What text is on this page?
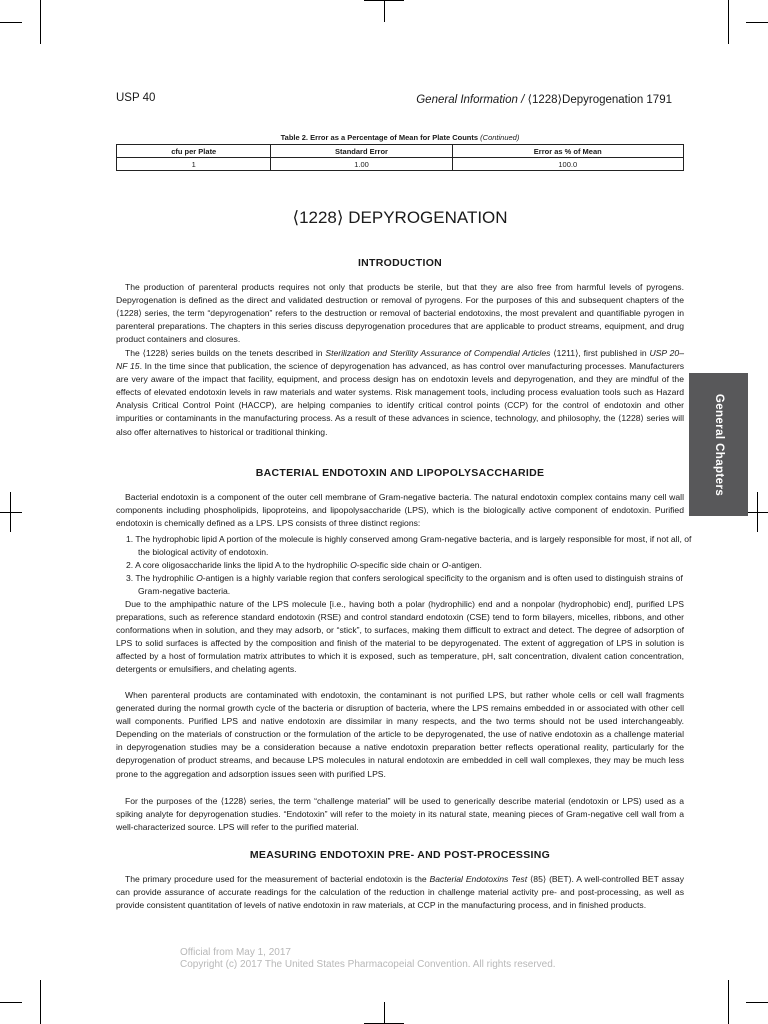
USP 40	General Information / ⟨1228⟩Depyrogenation 1791
Table 2. Error as a Percentage of Mean for Plate Counts (Continued)
cfu per Plate	Standard Error	Error as % of Mean
1	1.00	100.0
⟨1228⟩ DEPYROGENATION
INTRODUCTION
The production of parenteral products requires not only that products be sterile, but that they are also free from harmful levels of pyrogens. Depyrogenation is defined as the direct and validated destruction or removal of pyrogens. For the purposes of this and subsequent chapters of the ⟨1228⟩ series, the term “depyrogenation” refers to the destruction or removal of bacterial endotoxins, the most prevalent and quantifiable pyrogen in parenteral preparations. The chapters in this series discuss depyrogenation procedures that are applicable to product streams, equipment, and drug product containers and closures.
The ⟨1228⟩ series builds on the tenets described in Sterilization and Sterility Assurance of Compendial Articles ⟨1211⟩, first published in USP 20–NF 15. In the time since that publication, the science of depyrogenation has advanced, as has control over manufacturing processes. Manufacturers are very aware of the impact that facility, equipment, and process design has on endotoxin levels and depyrogenation, and they are mindful of the effects of elevated endotoxin levels in raw materials and water systems. Risk management tools, including process evaluation tools such as Hazard Analysis Critical Control Point (HACCP), are helping companies to identify critical control points (CCP) for the control of endotoxin and other impurities or contaminants in the manufacturing process. As a result of these advances in science, technology, and philosophy, the ⟨1228⟩ series will also offer alternatives to historical or traditional thinking.
BACTERIAL ENDOTOXIN AND LIPOPOLYSACCHARIDE
Bacterial endotoxin is a component of the outer cell membrane of Gram-negative bacteria. The natural endotoxin complex contains many cell wall components including phospholipids, lipoproteins, and lipopolysaccharide (LPS), which is the biologically active component of endotoxin. Purified endotoxin is chemically defined as a LPS. LPS consists of three distinct regions:
1. The hydrophobic lipid A portion of the molecule is highly conserved among Gram-negative bacteria, and is largely responsible for most, if not all, of the biological activity of endotoxin.
2. A core oligosaccharide links the lipid A to the hydrophilic O-specific side chain or O-antigen.
3. The hydrophilic O-antigen is a highly variable region that confers serological specificity to the organism and is often used to distinguish strains of Gram-negative bacteria.
Due to the amphipathic nature of the LPS molecule [i.e., having both a polar (hydrophilic) end and a nonpolar (hydrophobic) end], purified LPS preparations, such as reference standard endotoxin (RSE) and control standard endotoxin (CSE) tend to form bilayers, micelles, ribbons, and other conformations when in solution, and they may adsorb, or “stick”, to surfaces, making them difficult to extract and detect. The degree of adsorption of LPS to solid surfaces is affected by the composition and finish of the material to be depyrogenated. The extent of aggregation of LPS in solution is affected by a host of formulation matrix attributes to which it is exposed, such as temperature, pH, salt concentration, divalent cation concentration, detergents or emulsifiers, and chelating agents.
When parenteral products are contaminated with endotoxin, the contaminant is not purified LPS, but rather whole cells or cell wall fragments generated during the normal growth cycle of the bacteria or disruption of bacteria, where the LPS remains embedded in or associated with other cell wall components. Purified LPS and native endotoxin are dissimilar in many respects, and the two terms should not be used interchangeably. Depending on the materials of construction or the formulation of the article to be depyrogenated, the use of native endotoxin as a challenge material in depyrogenation studies may be a consideration because a native endotoxin preparation better reflects operational reality, particularly for the depyrogenation of product streams, and because LPS molecules in natural endotoxin are embedded in cell wall complexes, they may be much less prone to the aggregation and adsorption issues seen with purified LPS.
For the purposes of the ⟨1228⟩ series, the term “challenge material” will be used to generically describe material (endotoxin or LPS) used as a spiking analyte for depyrogenation studies. “Endotoxin” will refer to the moiety in its natural state, meaning pieces of Gram-negative cell wall from a well-characterized source. LPS will refer to the purified material.
MEASURING ENDOTOXIN PRE- AND POST-PROCESSING
The primary procedure used for the measurement of bacterial endotoxin is the Bacterial Endotoxins Test ⟨85⟩ (BET). A well-controlled BET assay can provide assurance of accurate readings for the calculation of the reduction in challenge material activity pre- and post-processing, as well as provide consistent quantitation of levels of native endotoxin in raw materials, at CCP in the manufacturing process, and in finished products.
General Chapters
Official from May 1, 2017
Copyright (c) 2017 The United States Pharmacopeial Convention. All rights reserved.
